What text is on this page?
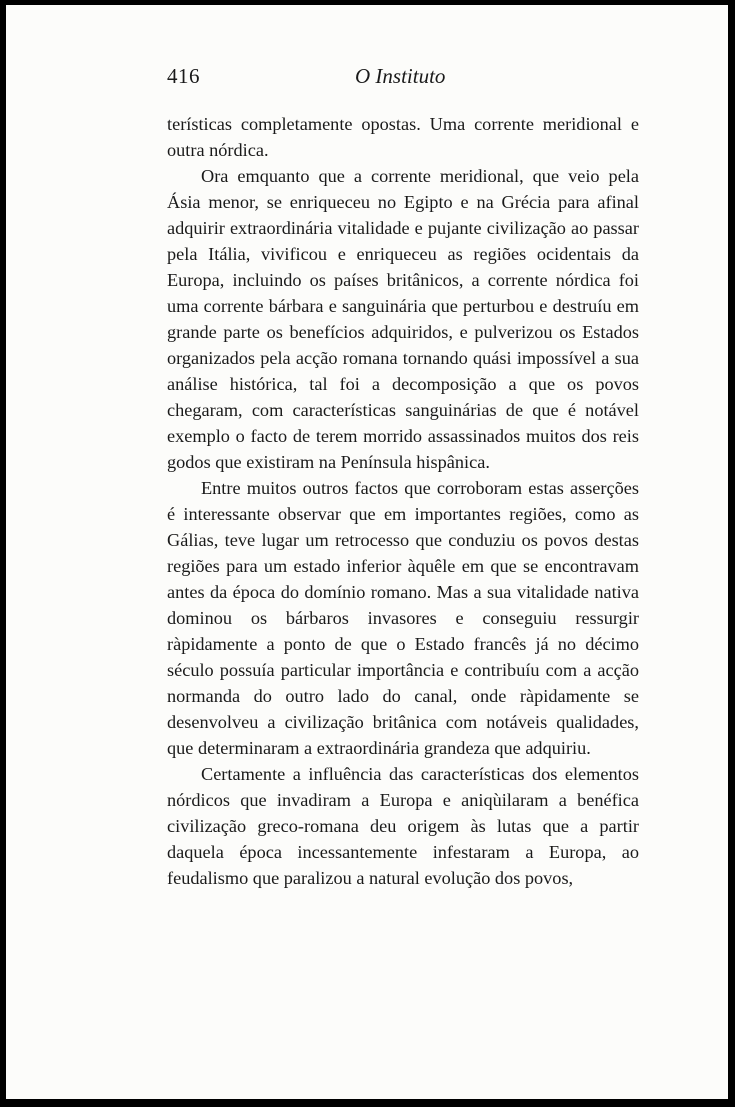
416	O Instituto

terísticas completamente opostas. Uma corrente meridional e outra nórdica.

Ora emquanto que a corrente meridional, que veio pela Ásia menor, se enriqueceu no Egipto e na Grécia para afinal adquirir extraordinária vitalidade e pujante civilização ao passar pela Itália, vivificou e enriqueceu as regiões ocidentais da Europa, incluindo os países britânicos, a corrente nórdica foi uma corrente bárbara e sanguinária que perturbou e destruíu em grande parte os benefícios adquiridos, e pulverizou os Estados organizados pela acção romana tornando quási impossível a sua análise histórica, tal foi a decomposição a que os povos chegaram, com características sanguinárias de que é notável exemplo o facto de terem morrido assassinados muitos dos reis godos que existiram na Península hispânica.

Entre muitos outros factos que corroboram estas asserções é interessante observar que em importantes regiões, como as Gálias, teve lugar um retrocesso que conduziu os povos destas regiões para um estado inferior àquêle em que se encontravam antes da época do domínio romano. Mas a sua vitalidade nativa dominou os bárbaros invasores e conseguiu ressurgir ràpidamente a ponto de que o Estado francês já no décimo século possuía particular importância e contribuíu com a acção normanda do outro lado do canal, onde ràpidamente se desenvolveu a civilização britânica com notáveis qualidades, que determinaram a extraordinária grandeza que adquiriu.

Certamente a influência das características dos elementos nórdicos que invadiram a Europa e aniqùilaram a benéfica civilização greco-romana deu origem às lutas que a partir daquela época incessantemente infestaram a Europa, ao feudalismo que paralizou a natural evolução dos povos,
